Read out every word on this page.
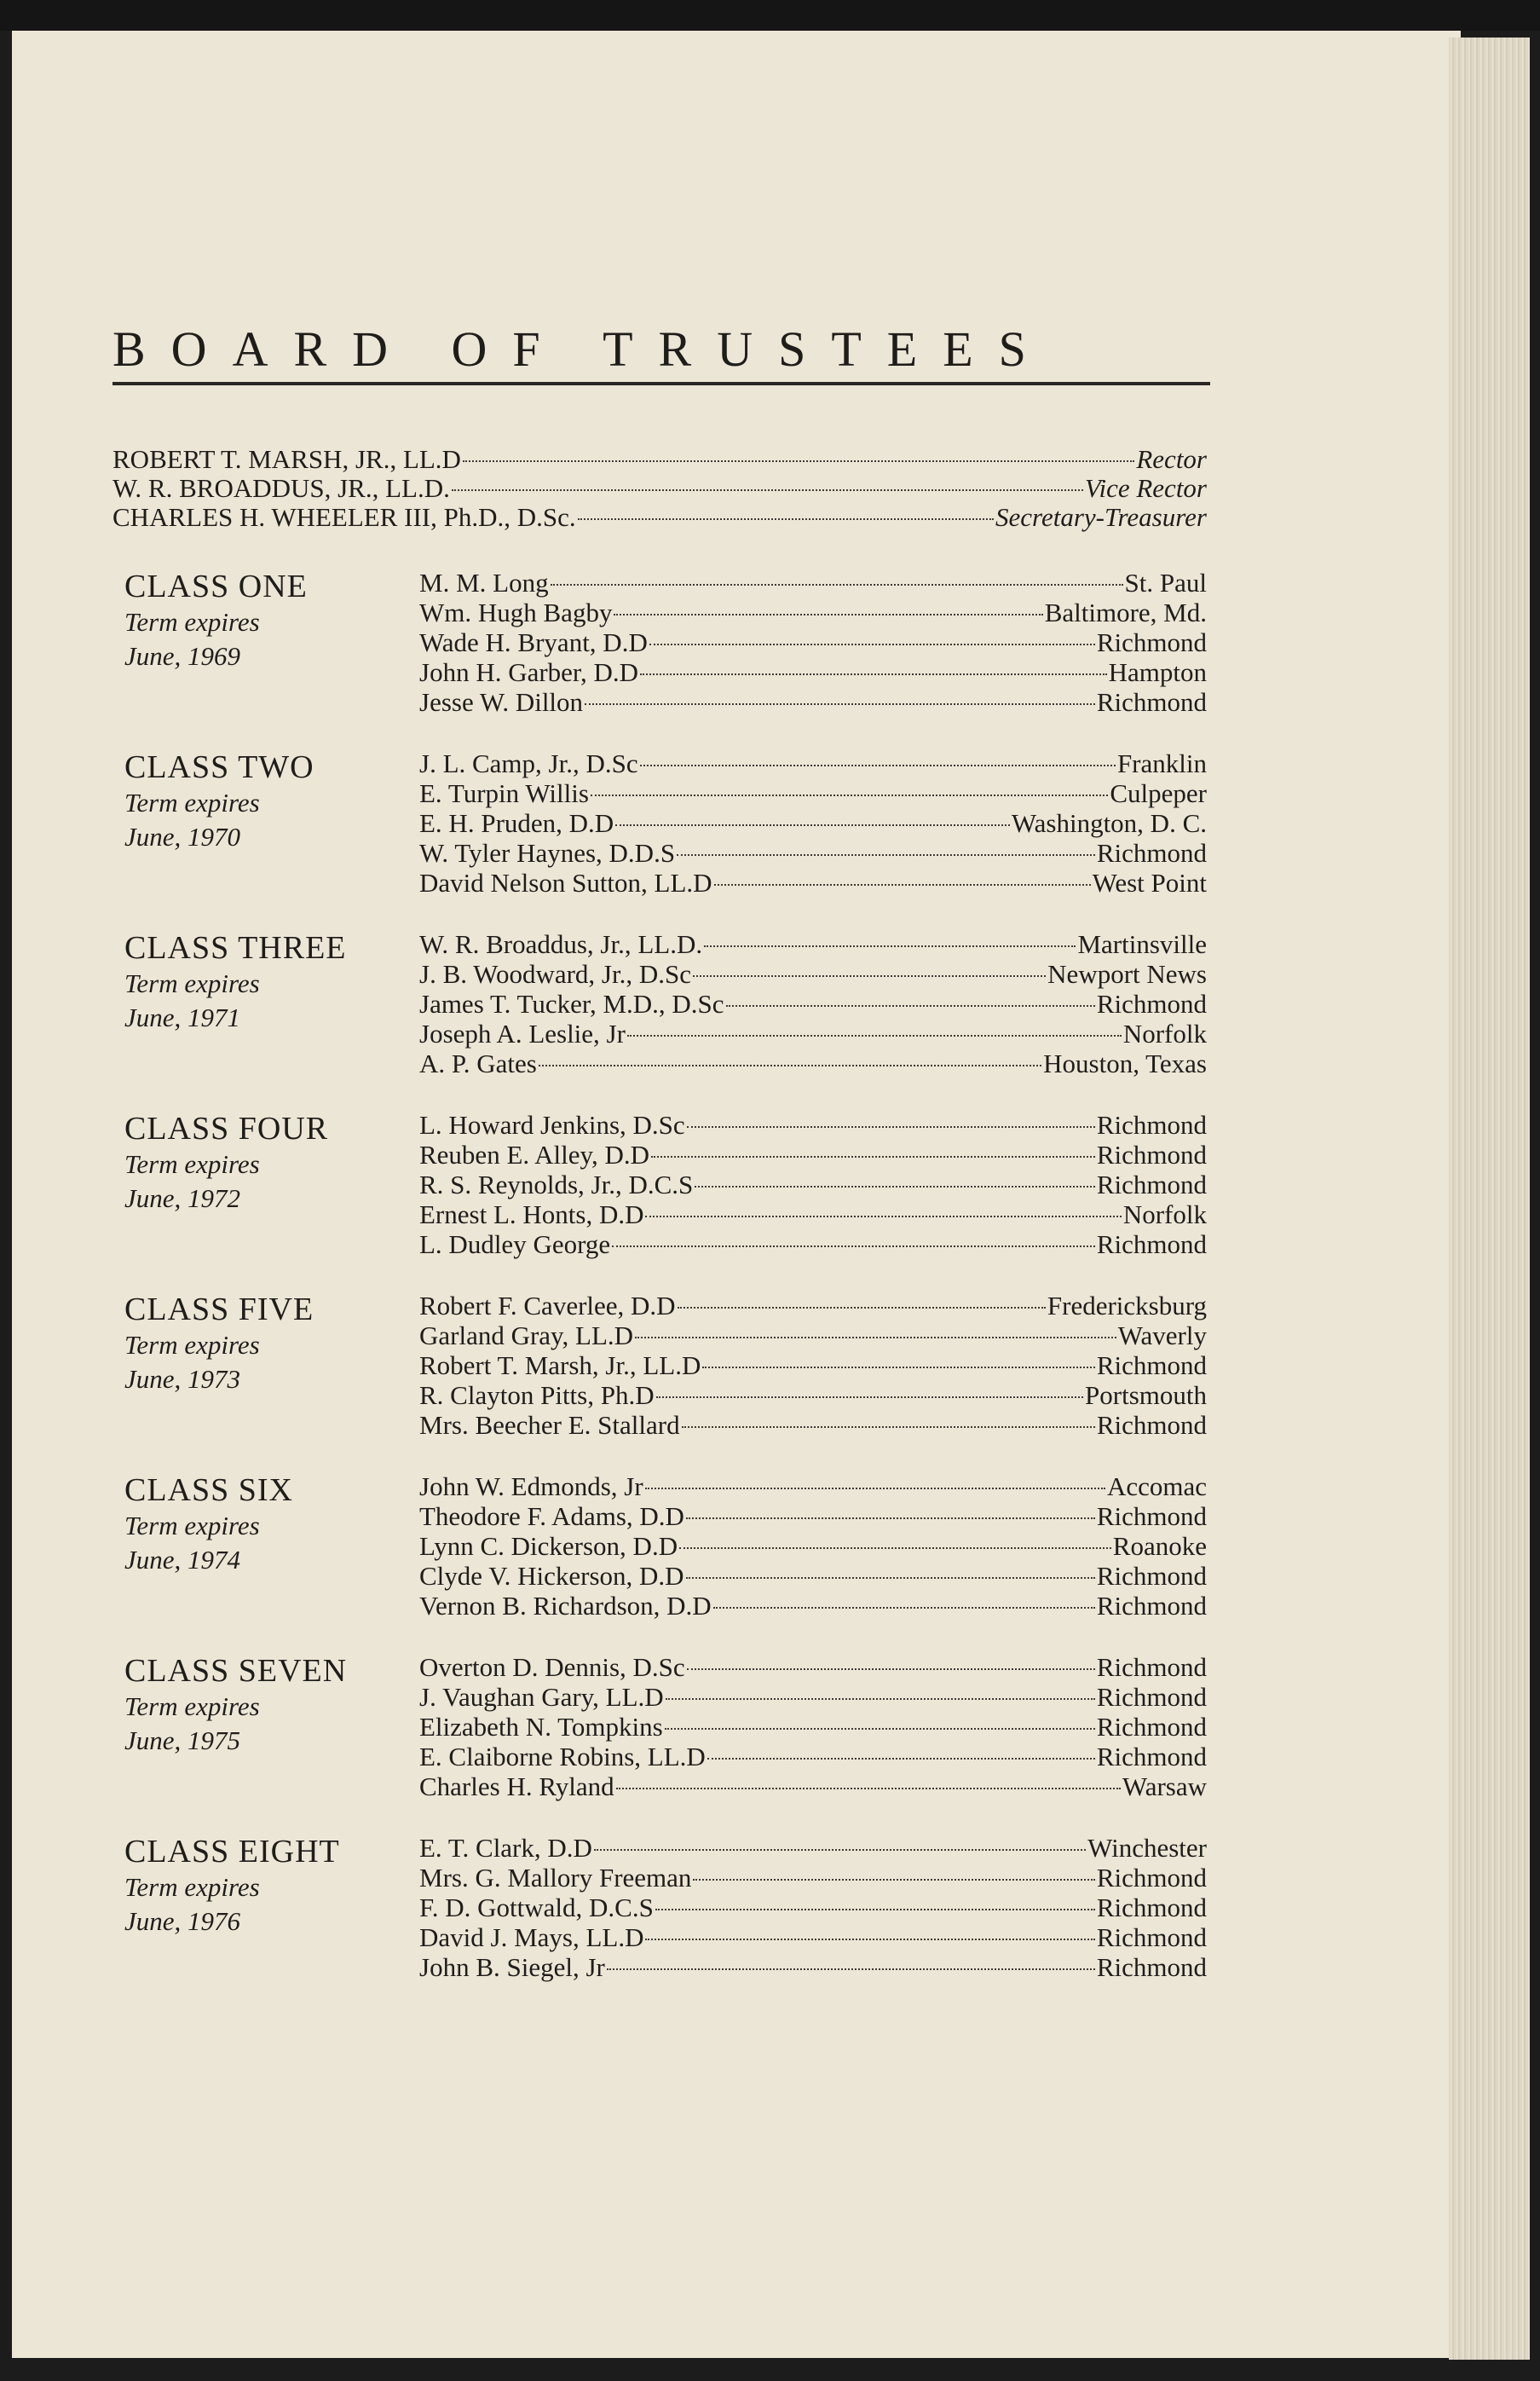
BOARD OF TRUSTEES
ROBERT T. MARSH, JR., LL.D	Rector
W. R. BROADDUS, JR., LL.D.	Vice Rector
CHARLES H. WHEELER III, Ph.D., D.Sc.	Secretary-Treasurer
CLASS ONE
Term expires
June, 1969
M. M. Long	St. Paul
Wm. Hugh Bagby	Baltimore, Md.
Wade H. Bryant, D.D	Richmond
John H. Garber, D.D	Hampton
Jesse W. Dillon	Richmond
CLASS TWO
Term expires
June, 1970
J. L. Camp, Jr., D.Sc	Franklin
E. Turpin Willis	Culpeper
E. H. Pruden, D.D	Washington, D. C.
W. Tyler Haynes, D.D.S	Richmond
David Nelson Sutton, LL.D	West Point
CLASS THREE
Term expires
June, 1971
W. R. Broaddus, Jr., LL.D.	Martinsville
J. B. Woodward, Jr., D.Sc	Newport News
James T. Tucker, M.D., D.Sc	Richmond
Joseph A. Leslie, Jr	Norfolk
A. P. Gates	Houston, Texas
CLASS FOUR
Term expires
June, 1972
L. Howard Jenkins, D.Sc	Richmond
Reuben E. Alley, D.D	Richmond
R. S. Reynolds, Jr., D.C.S	Richmond
Ernest L. Honts, D.D	Norfolk
L. Dudley George	Richmond
CLASS FIVE
Term expires
June, 1973
Robert F. Caverlee, D.D	Fredericksburg
Garland Gray, LL.D	Waverly
Robert T. Marsh, Jr., LL.D	Richmond
R. Clayton Pitts, Ph.D	Portsmouth
Mrs. Beecher E. Stallard	Richmond
CLASS SIX
Term expires
June, 1974
John W. Edmonds, Jr	Accomac
Theodore F. Adams, D.D	Richmond
Lynn C. Dickerson, D.D	Roanoke
Clyde V. Hickerson, D.D	Richmond
Vernon B. Richardson, D.D	Richmond
CLASS SEVEN
Term expires
June, 1975
Overton D. Dennis, D.Sc	Richmond
J. Vaughan Gary, LL.D	Richmond
Elizabeth N. Tompkins	Richmond
E. Claiborne Robins, LL.D	Richmond
Charles H. Ryland	Warsaw
CLASS EIGHT
Term expires
June, 1976
E. T. Clark, D.D	Winchester
Mrs. G. Mallory Freeman	Richmond
F. D. Gottwald, D.C.S	Richmond
David J. Mays, LL.D	Richmond
John B. Siegel, Jr	Richmond
